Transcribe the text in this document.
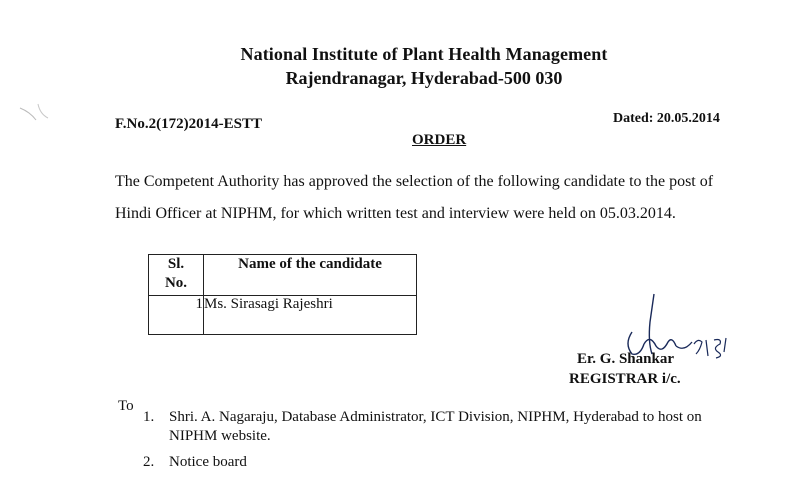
National Institute of Plant Health Management
Rajendranagar, Hyderabad-500 030
F.No.2(172)2014-ESTT	Dated: 20.05.2014
ORDER
The Competent Authority has approved the selection of the following candidate to the post of
Hindi Officer at NIPHM, for which written test and interview were held on 05.03.2014.
Sl.
No.	Name of the candidate
1	Ms. Sirasagi Rajeshri
Er. G. Shankar
REGISTRAR i/c.
To
1. Shri. A. Nagaraju, Database Administrator, ICT Division, NIPHM, Hyderabad to host on
NIPHM website.
2. Notice board
